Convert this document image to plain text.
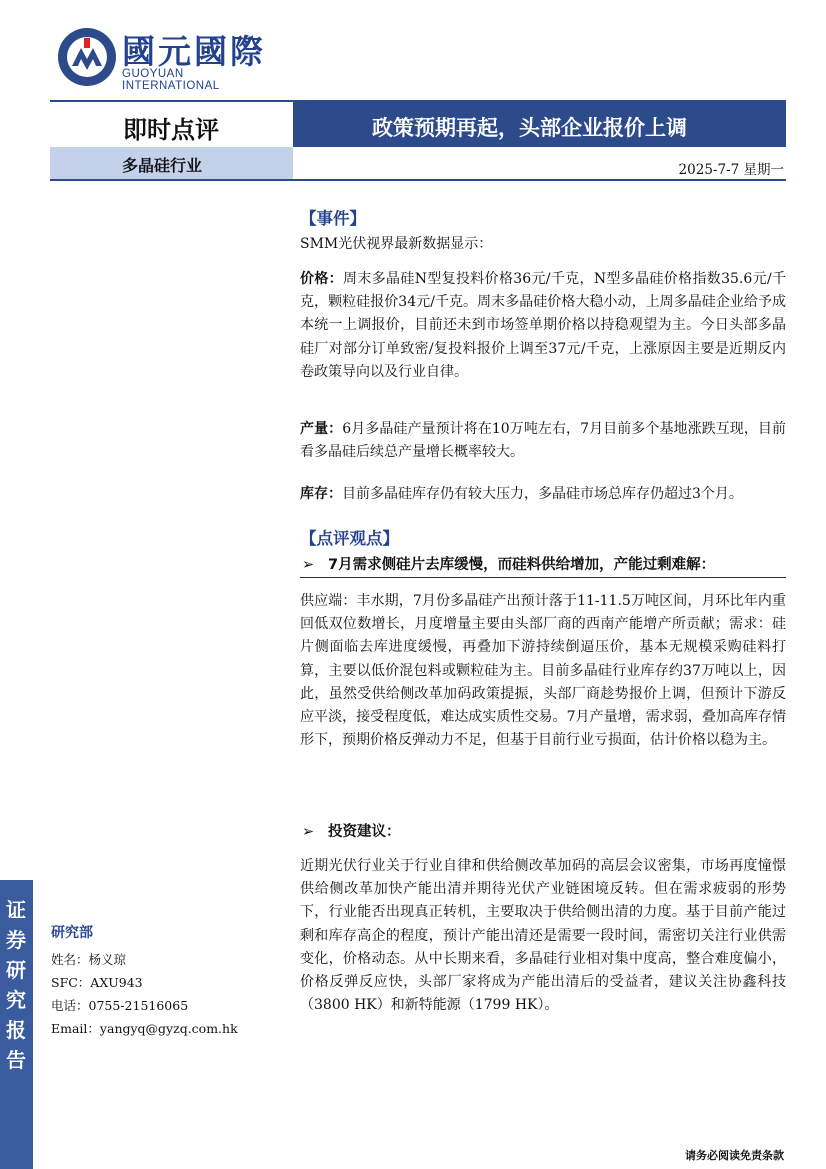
國元國際
GUOYUAN INTERNATIONAL
即时点评	政策预期再起，头部企业报价上调
多晶硅行业	2025-7-7 星期一
证
券
研
究
报
告
研究部
姓名：杨义琼
SFC：AXU943
电话：0755-21516065
Email：yangyq@gyzq.com.hk
【事件】
SMM光伏视界最新数据显示：
价格：周末多晶硅N型复投料价格36元/千克，N型多晶硅价格指数35.6元/千克，颗粒硅报价34元/千克。周末多晶硅价格大稳小动，上周多晶硅企业给予成本统一上调报价，目前还未到市场签单期价格以持稳观望为主。今日头部多晶硅厂对部分订单致密/复投料报价上调至37元/千克，上涨原因主要是近期反内卷政策导向以及行业自律。
产量：6月多晶硅产量预计将在10万吨左右，7月目前多个基地涨跌互现，目前看多晶硅后续总产量增长概率较大。
库存：目前多晶硅库存仍有较大压力，多晶硅市场总库存仍超过3个月。
【点评观点】
➢ 7月需求侧硅片去库缓慢，而硅料供给增加，产能过剩难解：
供应端：丰水期，7月份多晶硅产出预计落于11-11.5万吨区间，月环比年内重回低双位数增长，月度增量主要由头部厂商的西南产能增产所贡献；需求：硅片侧面临去库进度缓慢，再叠加下游持续倒逼压价，基本无规模采购硅料打算，主要以低价混包料或颗粒硅为主。目前多晶硅行业库存约37万吨以上，因此，虽然受供给侧改革加码政策提振，头部厂商趁势报价上调，但预计下游反应平淡，接受程度低，难达成实质性交易。7月产量增，需求弱，叠加高库存情形下，预期价格反弹动力不足，但基于目前行业亏损面，估计价格以稳为主。
➢ 投资建议：
近期光伏行业关于行业自律和供给侧改革加码的高层会议密集，市场再度憧憬供给侧改革加快产能出清并期待光伏产业链困境反转。但在需求疲弱的形势下，行业能否出现真正转机，主要取决于供给侧出清的力度。基于目前产能过剩和库存高企的程度，预计产能出清还是需要一段时间，需密切关注行业供需变化，价格动态。从中长期来看，多晶硅行业相对集中度高，整合难度偏小，价格反弹反应快，头部厂家将成为产能出清后的受益者，建议关注协鑫科技（3800 HK）和新特能源（1799 HK）。
请务必阅读免责条款
